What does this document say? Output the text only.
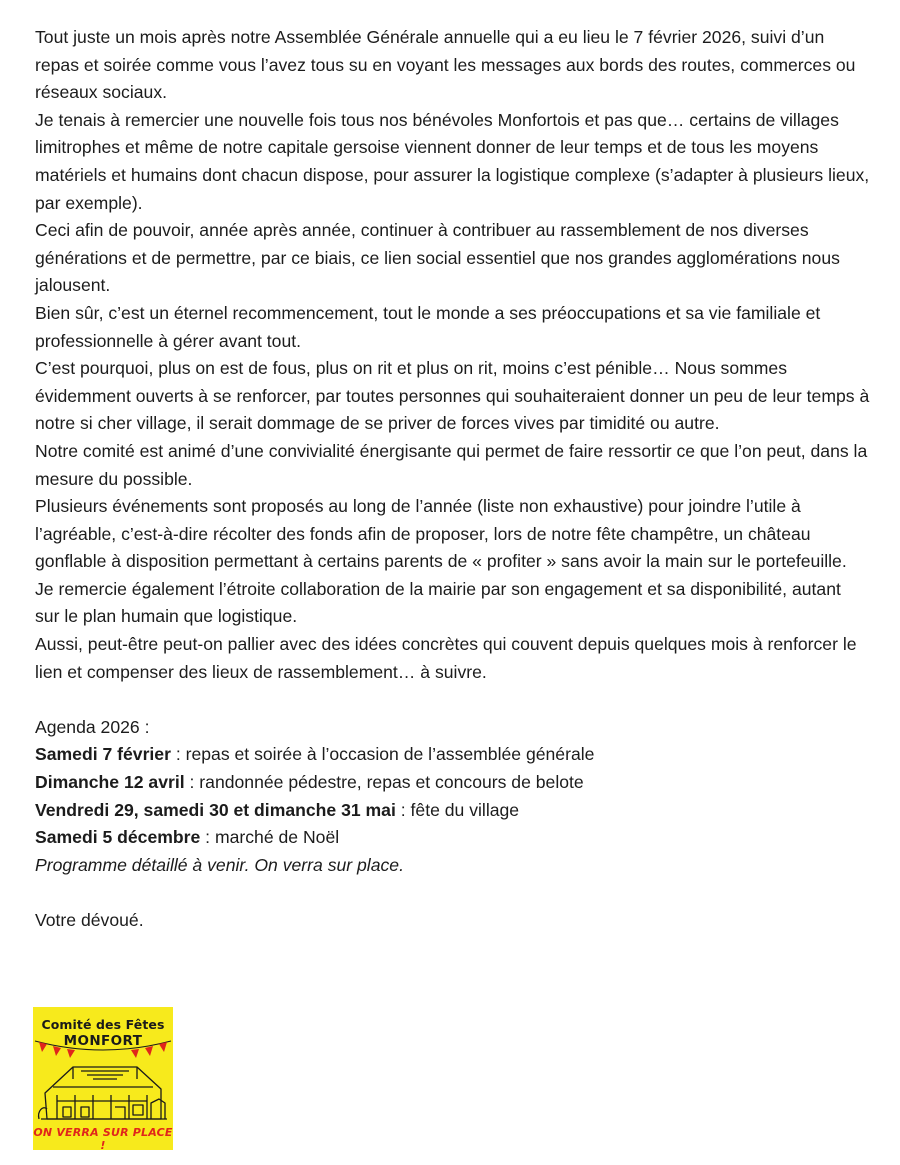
Tout juste un mois après notre Assemblée Générale annuelle qui a eu lieu le 7 février 2026, suivi d’un repas et soirée comme vous l’avez tous su en voyant les messages aux bords des routes, commerces ou réseaux sociaux.

Je tenais à remercier une nouvelle fois tous nos bénévoles Monfortois et pas que… certains de villages limitrophes et même de notre capitale gersoise viennent donner de leur temps et de tous les moyens matériels et humains dont chacun dispose, pour assurer la logistique complexe (s’adapter à plusieurs lieux, par exemple).

Ceci afin de pouvoir, année après année, continuer à contribuer au rassemblement de nos diverses générations et de permettre, par ce biais, ce lien social essentiel que nos grandes agglomérations nous jalousent.

Bien sûr, c’est un éternel recommencement, tout le monde a ses préoccupations et sa vie familiale et professionnelle à gérer avant tout.

C’est pourquoi, plus on est de fous, plus on rit et plus on rit, moins c’est pénible… Nous sommes évidemment ouverts à se renforcer, par toutes personnes qui souhaiteraient donner un peu de leur temps à notre si cher village, il serait dommage de se priver de forces vives par timidité ou autre.

Notre comité est animé d’une convivialité énergisante qui permet de faire ressortir ce que l’on peut, dans la mesure du possible.

Plusieurs événements sont proposés au long de l’année (liste non exhaustive) pour joindre l’utile à l’agréable, c’est-à-dire récolter des fonds afin de proposer, lors de notre fête champêtre, un château gonflable à disposition permettant à certains parents de « profiter » sans avoir la main sur le portefeuille.

Je remercie également l’étroite collaboration de la mairie par son engagement et sa disponibilité, autant sur le plan humain que logistique.

Aussi, peut-être peut-on pallier avec des idées concrètes qui couvent depuis quelques mois à renforcer le lien et compenser des lieux de rassemblement… à suivre.

Agenda 2026 :

Samedi 7 février : repas et soirée à l’occasion de l’assemblée générale

Dimanche 12 avril : randonnée pédestre, repas et concours de belote

Vendredi 29, samedi 30 et dimanche 31 mai : fête du village

Samedi 5 décembre : marché de Noël

Programme détaillé à venir. On verra sur place.

Votre dévoué.

Comité des Fêtes
MONFORT
ON VERRA SUR PLACE !
